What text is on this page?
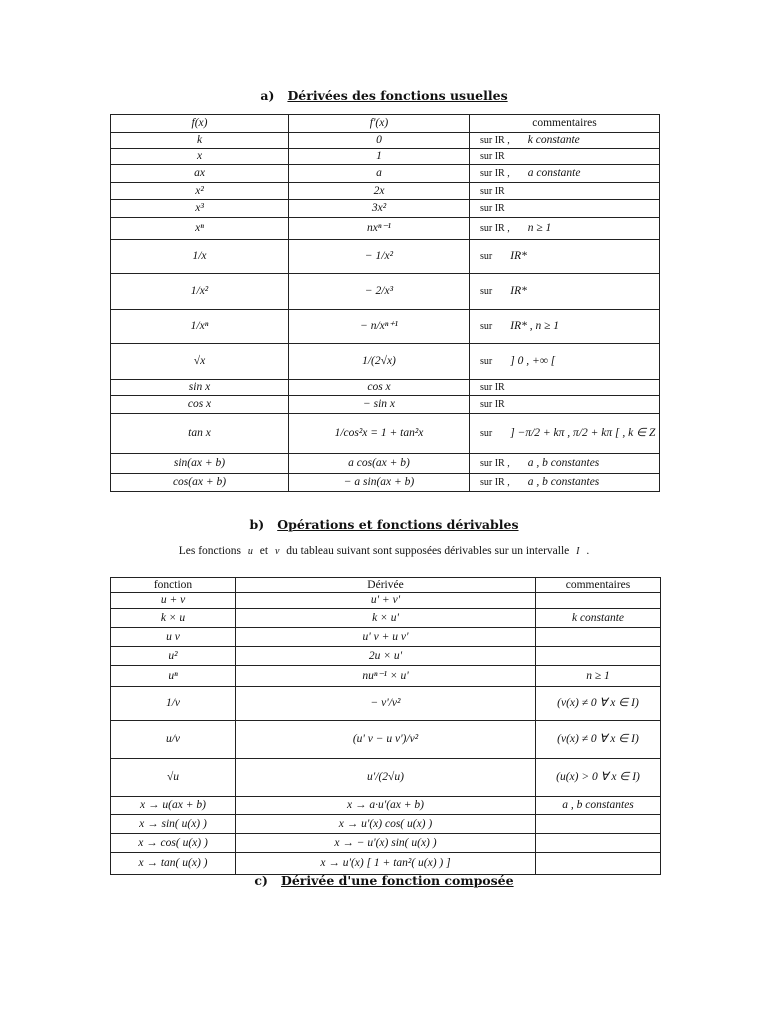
a) Dérivées des fonctions usuelles
f(x)	f'(x)	commentaires
k	0	sur IR , k constante
x	1	sur IR
ax	a	sur IR , a constante
x²	2x	sur IR
x³	3x²	sur IR
xⁿ	nxⁿ⁻¹	sur IR , n ≥ 1
1/x	− 1/x²	sur IR*
1/x²	− 2/x³	sur IR*
1/xⁿ	− n/xⁿ⁺¹	sur IR* , n ≥ 1
√x	1/(2√x)	sur ] 0 , +∞ [
sin x	cos x	sur IR
cos x	− sin x	sur IR
tan x	1/cos²x = 1 + tan²x	sur ] −π/2 + kπ , π/2 + kπ [ , k ∈ Z
sin(ax + b)	a cos(ax + b)	sur IR , a , b constantes
cos(ax + b)	− a sin(ax + b)	sur IR , a , b constantes
b) Opérations et fonctions dérivables
Les fonctions u et v du tableau suivant sont supposées dérivables sur un intervalle I .
fonction	Dérivée	commentaires
u + v	u' + v'	
k × u	k × u'	k constante
u v	u' v + u v'	
u²	2u × u'	
uⁿ	nuⁿ⁻¹ × u'	n ≥ 1
1/v	− v'/v²	(v(x) ≠ 0 ∀ x ∈ I)
u/v	(u' v − u v')/v²	(v(x) ≠ 0 ∀ x ∈ I)
√u	u'/(2√u)	(u(x) > 0 ∀ x ∈ I)
x → u(ax + b)	x → a·u'(ax + b)	a , b constantes
x → sin( u(x) )	x → u'(x) cos( u(x) )	
x → cos( u(x) )	x → − u'(x) sin( u(x) )	
x → tan( u(x) )	x → u'(x) [ 1 + tan²( u(x) ) ]	
c) Dérivée d'une fonction composée
